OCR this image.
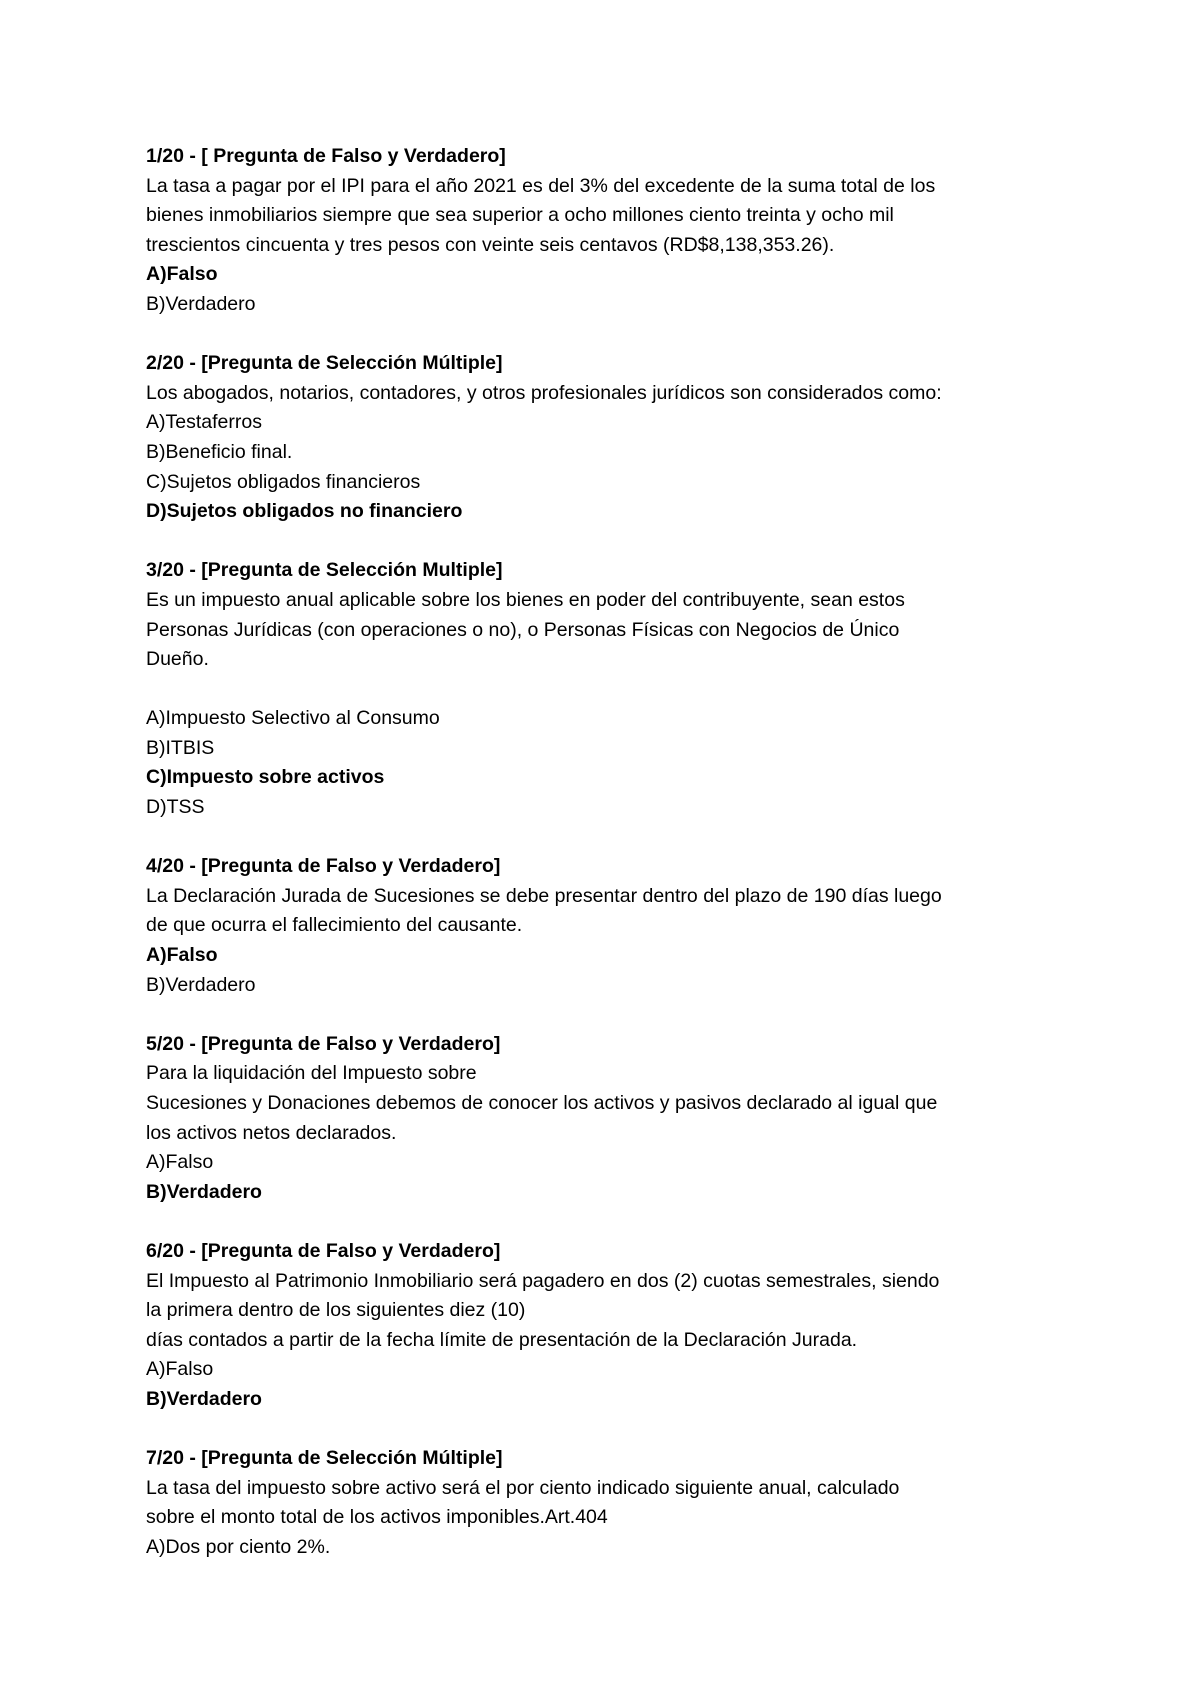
1/20 - [ Pregunta de Falso y Verdadero]
La tasa a pagar por el IPI para el año 2021 es del 3% del excedente de la suma total de los
bienes inmobiliarios siempre que sea superior a ocho millones ciento treinta y ocho mil
trescientos cincuenta y tres pesos con veinte seis centavos (RD$8,138,353.26).
A)Falso
B)Verdadero
2/20 - [Pregunta de Selección Múltiple]
Los abogados, notarios, contadores, y otros profesionales jurídicos son considerados como:
A)Testaferros
B)Beneficio final.
C)Sujetos obligados financieros
D)Sujetos obligados no financiero
3/20 - [Pregunta de Selección Multiple]
Es un impuesto anual aplicable sobre los bienes en poder del contribuyente, sean estos
Personas Jurídicas (con operaciones o no), o Personas Físicas con Negocios de Único
Dueño.
A)Impuesto Selectivo al Consumo
B)ITBIS
C)Impuesto sobre activos
D)TSS
4/20 - [Pregunta de Falso y Verdadero]
La Declaración Jurada de Sucesiones se debe presentar dentro del plazo de 190 días luego
de que ocurra el fallecimiento del causante.
A)Falso
B)Verdadero
5/20 - [Pregunta de Falso y Verdadero]
Para la liquidación del Impuesto sobre
Sucesiones y Donaciones debemos de conocer los activos y pasivos declarado al igual que
los activos netos declarados.
A)Falso
B)Verdadero
6/20 - [Pregunta de Falso y Verdadero]
El Impuesto al Patrimonio Inmobiliario será pagadero en dos (2) cuotas semestrales, siendo
la primera dentro de los siguientes diez (10)
días contados a partir de la fecha límite de presentación de la Declaración Jurada.
A)Falso
B)Verdadero
7/20 - [Pregunta de Selección Múltiple]
La tasa del impuesto sobre activo será el por ciento indicado siguiente anual, calculado
sobre el monto total de los activos imponibles.Art.404
A)Dos por ciento 2%.
